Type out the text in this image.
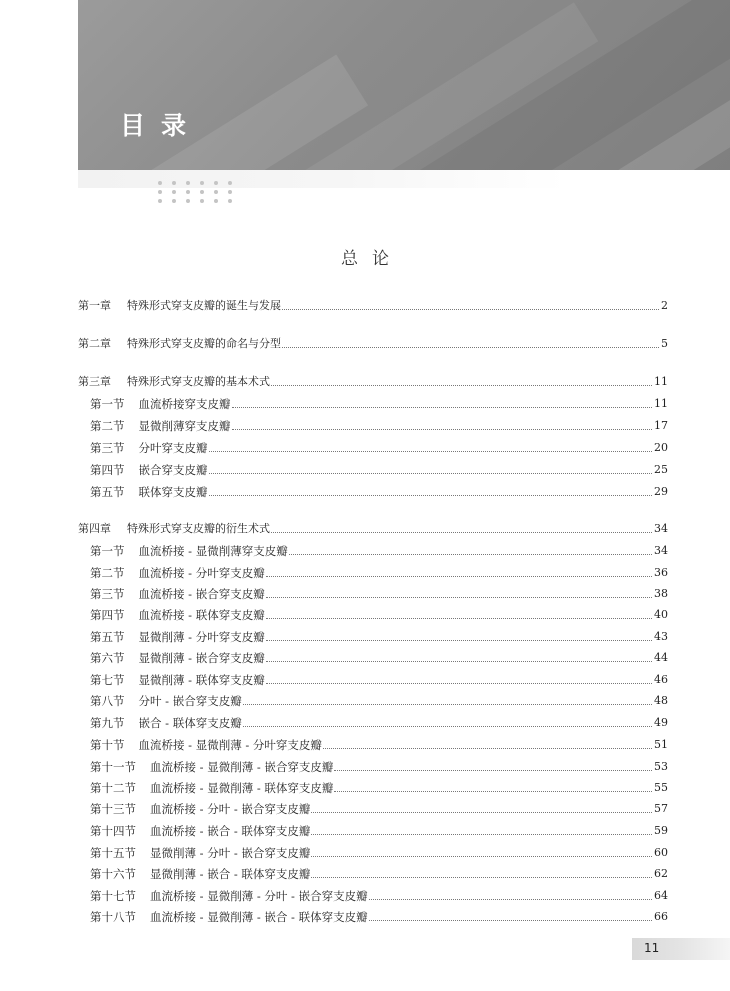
目录
总论
11
第一章 特殊形式穿支皮瓣的诞生与发展	2
第二章 特殊形式穿支皮瓣的命名与分型	5
第三章 特殊形式穿支皮瓣的基本术式	11
第一节 血流桥接穿支皮瓣	11
第二节 显微削薄穿支皮瓣	17
第三节 分叶穿支皮瓣	20
第四节 嵌合穿支皮瓣	25
第五节 联体穿支皮瓣	29
第四章 特殊形式穿支皮瓣的衍生术式	34
第一节 血流桥接 - 显微削薄穿支皮瓣	34
第二节 血流桥接 - 分叶穿支皮瓣	36
第三节 血流桥接 - 嵌合穿支皮瓣	38
第四节 血流桥接 - 联体穿支皮瓣	40
第五节 显微削薄 - 分叶穿支皮瓣	43
第六节 显微削薄 - 嵌合穿支皮瓣	44
第七节 显微削薄 - 联体穿支皮瓣	46
第八节 分叶 - 嵌合穿支皮瓣	48
第九节 嵌合 - 联体穿支皮瓣	49
第十节 血流桥接 - 显微削薄 - 分叶穿支皮瓣	51
第十一节 血流桥接 - 显微削薄 - 嵌合穿支皮瓣	53
第十二节 血流桥接 - 显微削薄 - 联体穿支皮瓣	55
第十三节 血流桥接 - 分叶 - 嵌合穿支皮瓣	57
第十四节 血流桥接 - 嵌合 - 联体穿支皮瓣	59
第十五节 显微削薄 - 分叶 - 嵌合穿支皮瓣	60
第十六节 显微削薄 - 嵌合 - 联体穿支皮瓣	62
第十七节 血流桥接 - 显微削薄 - 分叶 - 嵌合穿支皮瓣	64
第十八节 血流桥接 - 显微削薄 - 嵌合 - 联体穿支皮瓣	66
